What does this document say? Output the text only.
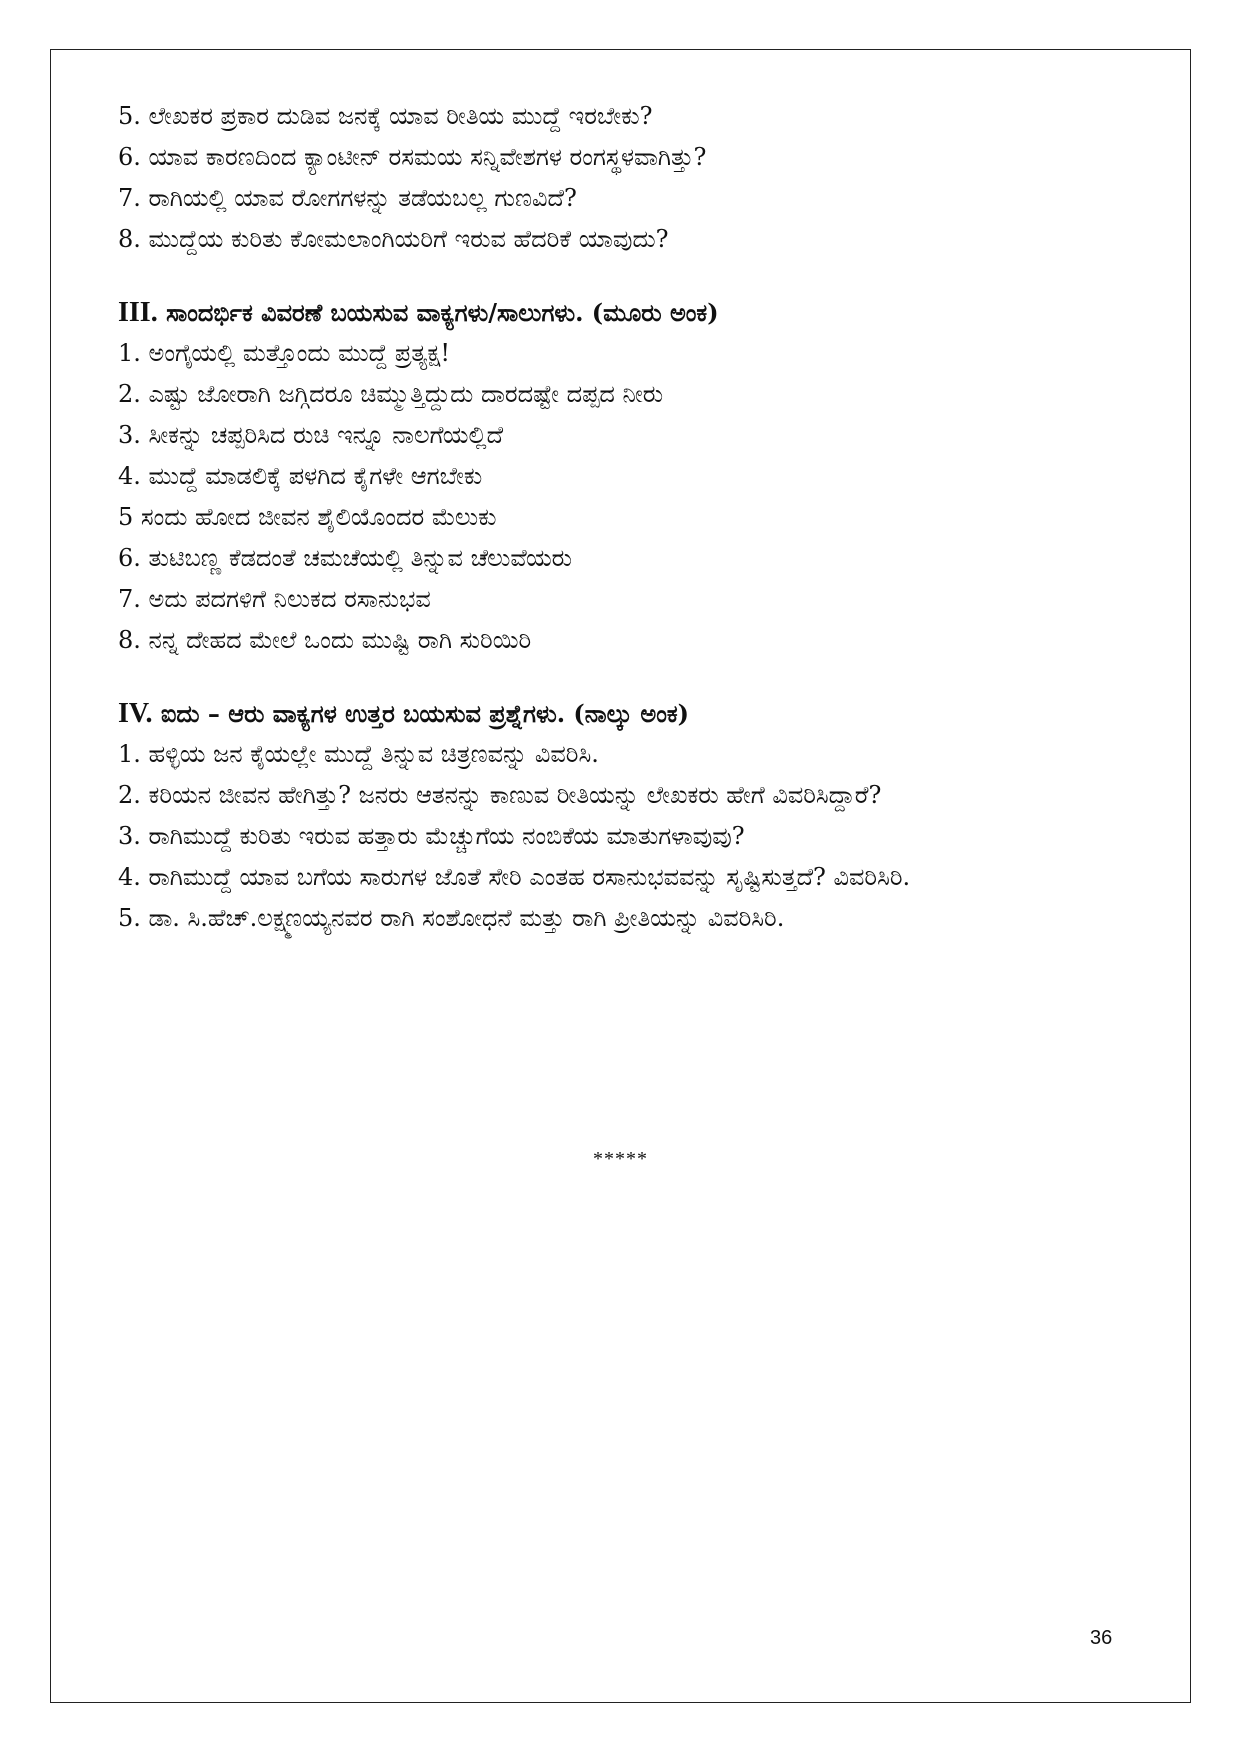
5. ಲೇಖಕರ ಪ್ರಕಾರ ದುಡಿವ ಜನಕ್ಕೆ ಯಾವ ರೀತಿಯ ಮುದ್ದೆ ಇರಬೇಕು?
6. ಯಾವ ಕಾರಣದಿಂದ ಕ್ಯಾಂಟೀನ್ ರಸಮಯ ಸನ್ನಿವೇಶಗಳ ರಂಗಸ್ಥಳವಾಗಿತ್ತು?
7. ರಾಗಿಯಲ್ಲಿ ಯಾವ ರೋಗಗಳನ್ನು ತಡೆಯಬಲ್ಲ ಗುಣವಿದೆ?
8. ಮುದ್ದೆಯ ಕುರಿತು ಕೋಮಲಾಂಗಿಯರಿಗೆ ಇರುವ ಹೆದರಿಕೆ ಯಾವುದು?
III. ಸಾಂದರ್ಭಿಕ ವಿವರಣೆ ಬಯಸುವ ವಾಕ್ಯಗಳು/ಸಾಲುಗಳು. (ಮೂರು ಅಂಕ)
1. ಅಂಗೈಯಲ್ಲಿ ಮತ್ತೊಂದು ಮುದ್ದೆ ಪ್ರತ್ಯಕ್ಷ!
2. ಎಷ್ಟು ಜೋರಾಗಿ ಜಗ್ಗಿದರೂ ಚಿಮ್ಮುತ್ತಿದ್ದುದು ದಾರದಷ್ಟೇ ದಪ್ಪದ ನೀರು
3. ಸೀಕನ್ನು ಚಪ್ಪರಿಸಿದ ರುಚಿ ಇನ್ನೂ ನಾಲಗೆಯಲ್ಲಿದೆ
4. ಮುದ್ದೆ ಮಾಡಲಿಕ್ಕೆ ಪಳಗಿದ ಕೈಗಳೇ ಆಗಬೇಕು
5 ಸಂದು ಹೋದ ಜೀವನ ಶೈಲಿಯೊಂದರ ಮೆಲುಕು
6. ತುಟಿಬಣ್ಣ ಕೆಡದಂತೆ ಚಮಚೆಯಲ್ಲಿ ತಿನ್ನುವ ಚೆಲುವೆಯರು
7. ಅದು ಪದಗಳಿಗೆ ನಿಲುಕದ ರಸಾನುಭವ
8. ನನ್ನ ದೇಹದ ಮೇಲೆ ಒಂದು ಮುಷ್ಟಿ ರಾಗಿ ಸುರಿಯಿರಿ
IV. ಐದು – ಆರು ವಾಕ್ಯಗಳ ಉತ್ತರ ಬಯಸುವ ಪ್ರಶ್ನೆಗಳು. (ನಾಲ್ಕು ಅಂಕ)
1. ಹಳ್ಳಿಯ ಜನ ಕೈಯಲ್ಲೇ ಮುದ್ದೆ ತಿನ್ನುವ ಚಿತ್ರಣವನ್ನು ವಿವರಿಸಿ.
2. ಕರಿಯನ ಜೀವನ ಹೇಗಿತ್ತು? ಜನರು ಆತನನ್ನು ಕಾಣುವ ರೀತಿಯನ್ನು ಲೇಖಕರು ಹೇಗೆ ವಿವರಿಸಿದ್ದಾರೆ?
3. ರಾಗಿಮುದ್ದೆ ಕುರಿತು ಇರುವ ಹತ್ತಾರು ಮೆಚ್ಚುಗೆಯ ನಂಬಿಕೆಯ ಮಾತುಗಳಾವುವು?
4. ರಾಗಿಮುದ್ದೆ ಯಾವ ಬಗೆಯ ಸಾರುಗಳ ಜೊತೆ ಸೇರಿ ಎಂತಹ ರಸಾನುಭವವನ್ನು ಸೃಷ್ಟಿಸುತ್ತದೆ? ವಿವರಿಸಿರಿ.
5. ಡಾ. ಸಿ.ಹೆಚ್.ಲಕ್ಷ್ಮಣಯ್ಯನವರ ರಾಗಿ ಸಂಶೋಧನೆ ಮತ್ತು ರಾಗಿ ಪ್ರೀತಿಯನ್ನು ವಿವರಿಸಿರಿ.
*****
36
